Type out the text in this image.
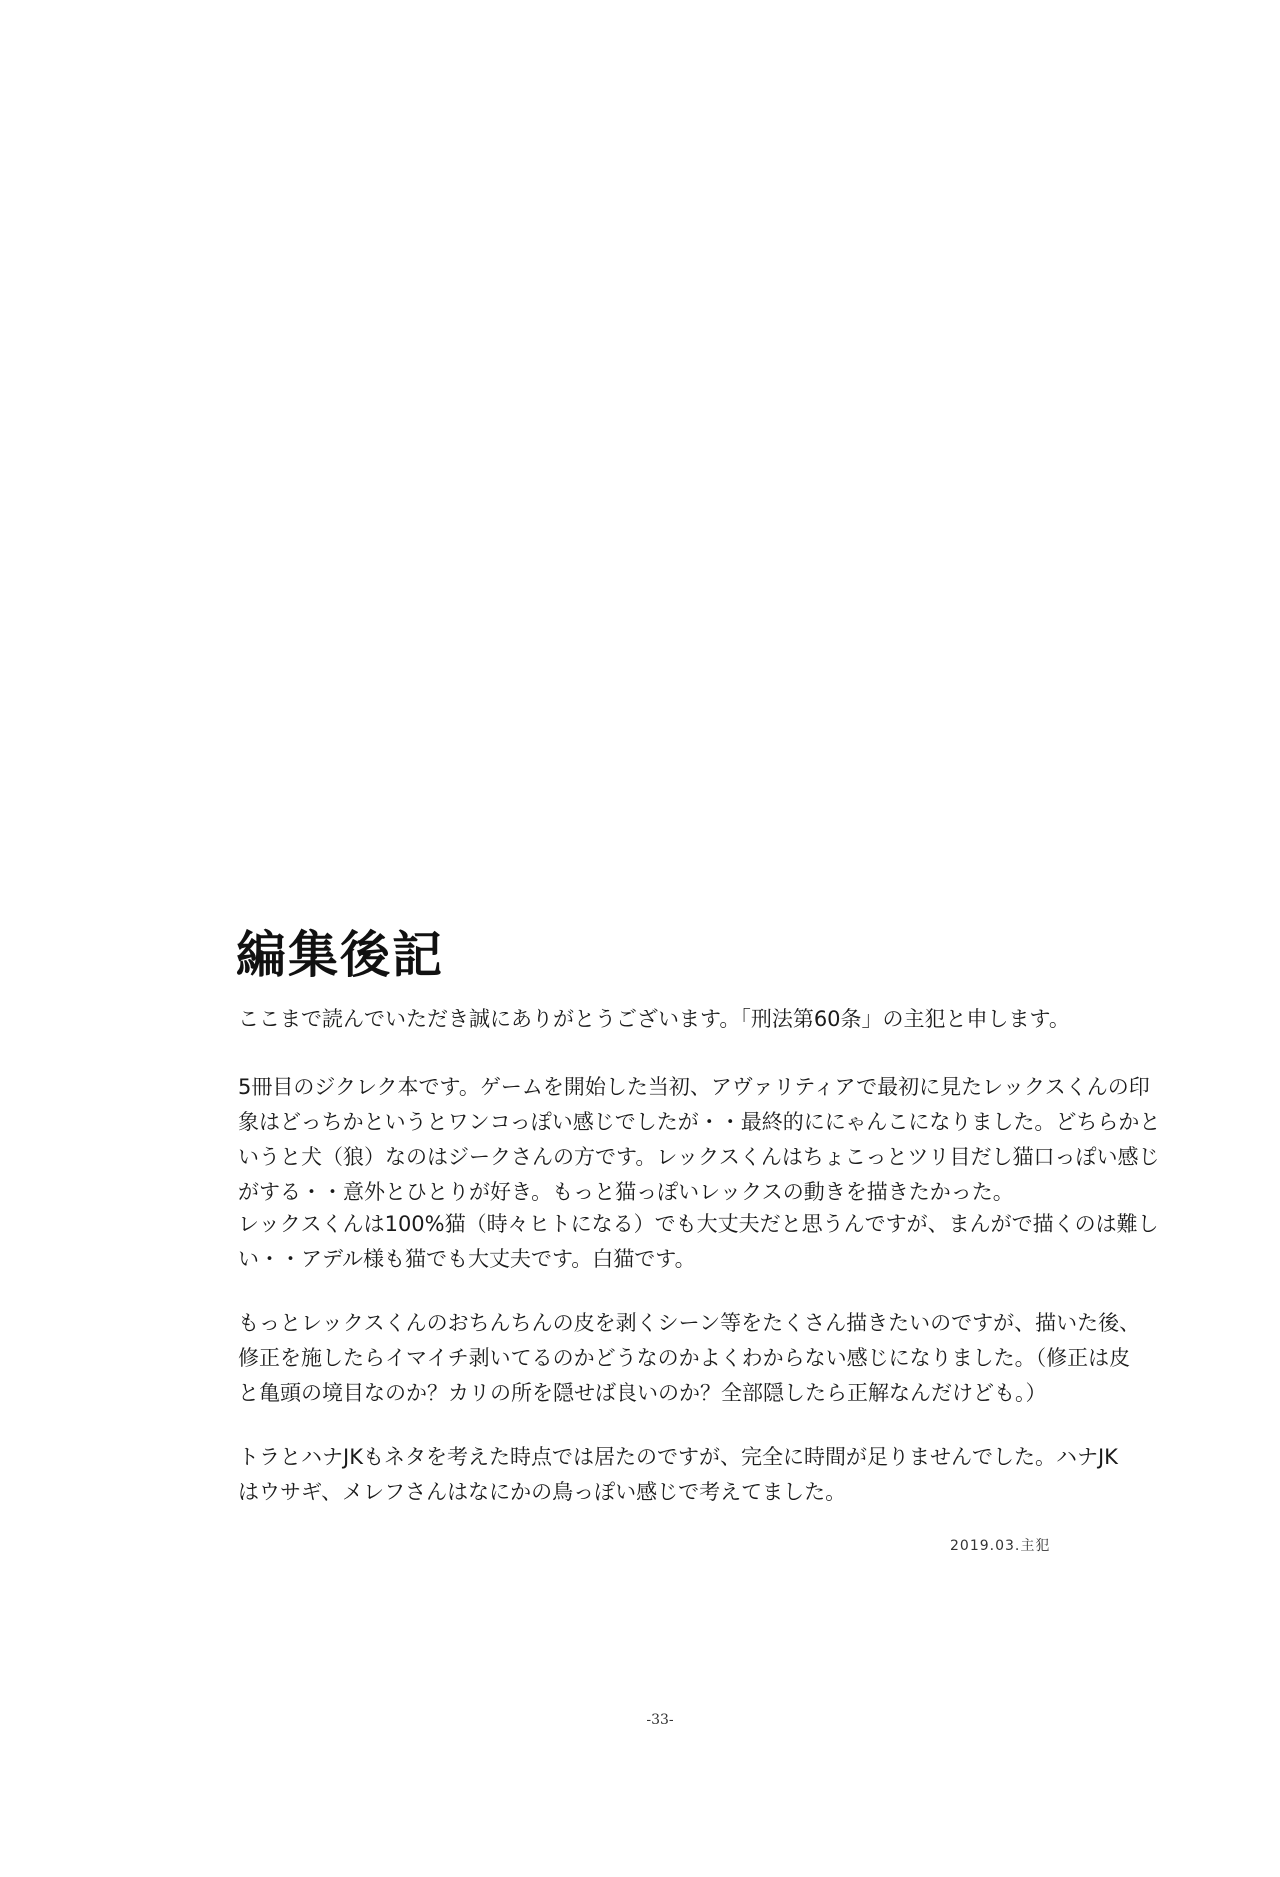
編集後記
ここまで読んでいただき誠にありがとうございます。「刑法第60条」の主犯と申します。
5冊目のジクレク本です。ゲームを開始した当初、アヴァリティアで最初に見たレックスくんの印
象はどっちかというとワンコっぽい感じでしたが・・最終的ににゃんこになりました。どちらかと
いうと犬（狼）なのはジークさんの方です。レックスくんはちょこっとツリ目だし猫口っぽい感じ
がする・・意外とひとりが好き。もっと猫っぽいレックスの動きを描きたかった。
レックスくんは100%猫（時々ヒトになる）でも大丈夫だと思うんですが、まんがで描くのは難し
い・・アデル様も猫でも大丈夫です。白猫です。
もっとレックスくんのおちんちんの皮を剥くシーン等をたくさん描きたいのですが、描いた後、
修正を施したらイマイチ剥いてるのかどうなのかよくわからない感じになりました。（修正は皮
と亀頭の境目なのか？カリの所を隠せば良いのか？全部隠したら正解なんだけども。）
トラとハナJKもネタを考えた時点では居たのですが、完全に時間が足りませんでした。ハナJK
はウサギ、メレフさんはなにかの鳥っぽい感じで考えてました。
2019.03.主犯
-33-
